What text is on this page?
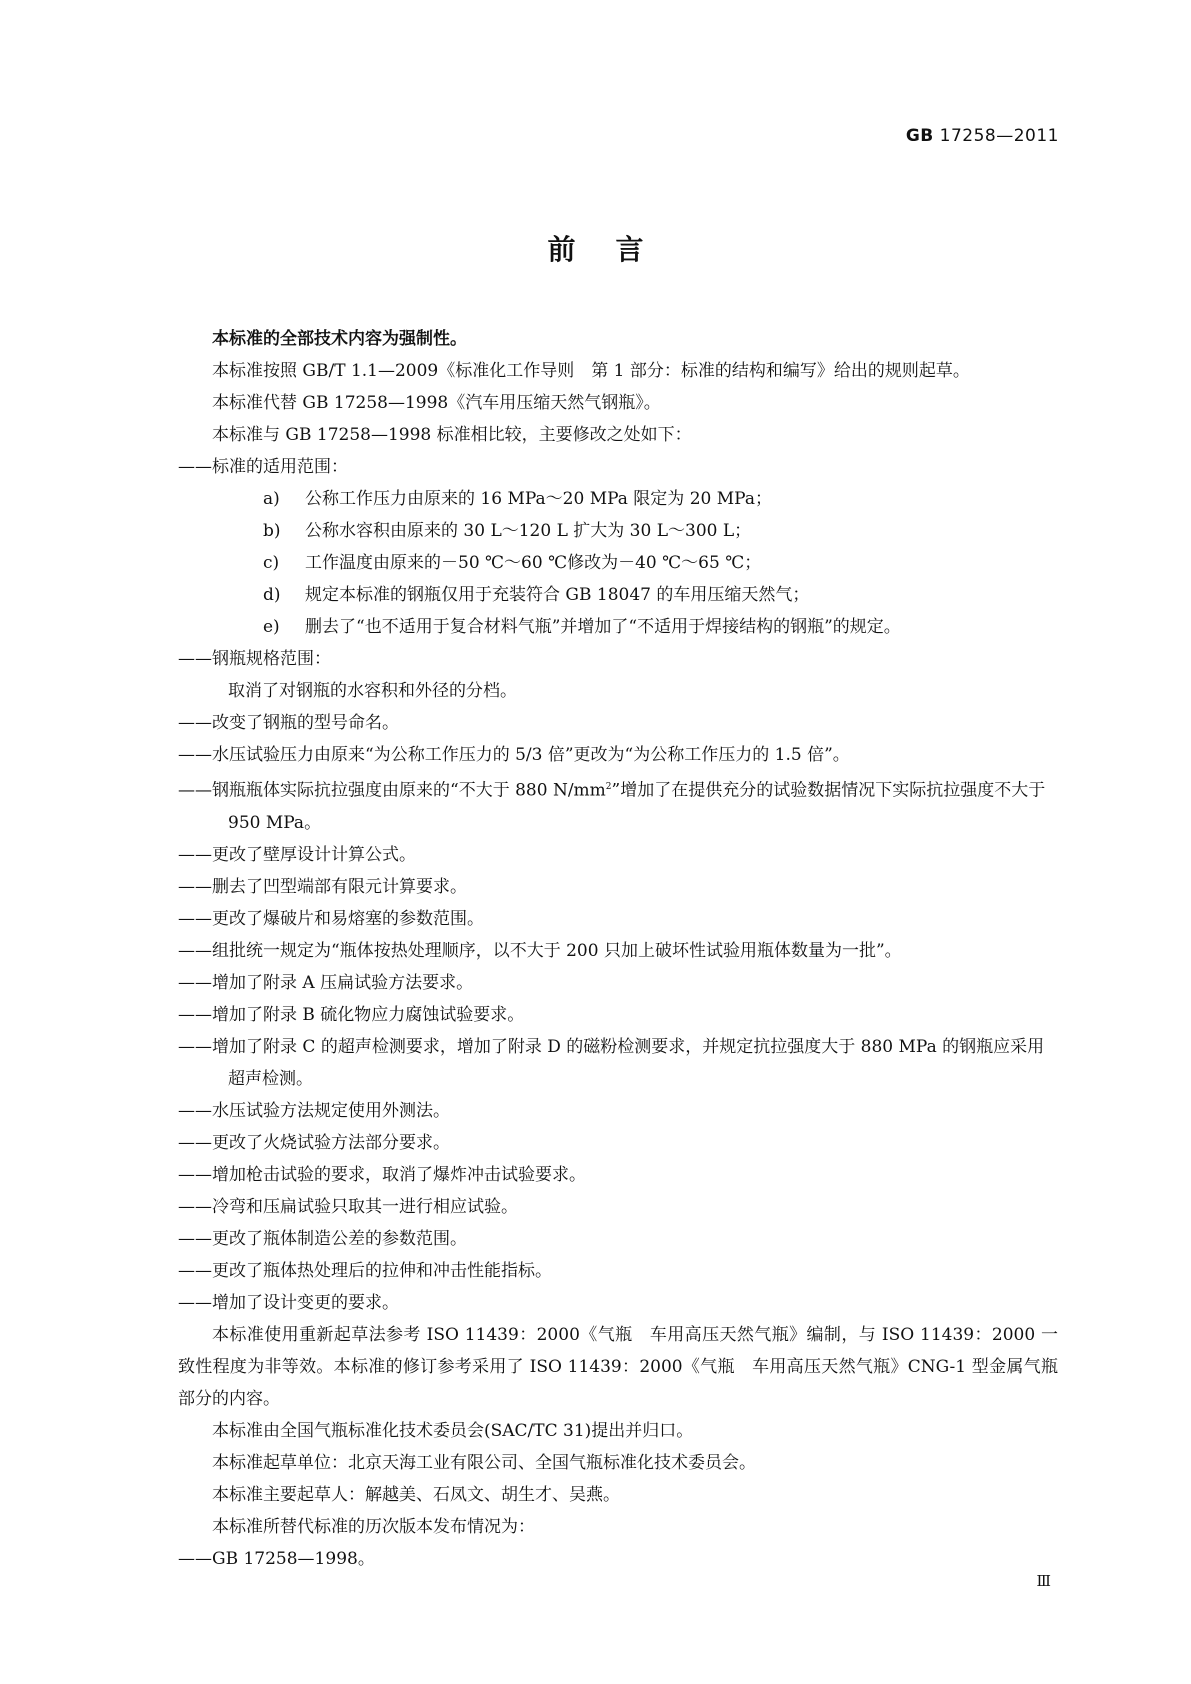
GB 17258—2011
前言
本标准的全部技术内容为强制性。
本标准按照 GB/T 1.1—2009《标准化工作导则　第 1 部分：标准的结构和编写》给出的规则起草。
本标准代替 GB 17258—1998《汽车用压缩天然气钢瓶》。
本标准与 GB 17258—1998 标准相比较，主要修改之处如下：
——标准的适用范围：
a) 公称工作压力由原来的 16 MPa～20 MPa 限定为 20 MPa；
b) 公称水容积由原来的 30 L～120 L 扩大为 30 L～300 L；
c) 工作温度由原来的－50 ℃～60 ℃修改为－40 ℃～65 ℃；
d) 规定本标准的钢瓶仅用于充装符合 GB 18047 的车用压缩天然气；
e) 删去了“也不适用于复合材料气瓶”并增加了“不适用于焊接结构的钢瓶”的规定。
——钢瓶规格范围：
取消了对钢瓶的水容积和外径的分档。
——改变了钢瓶的型号命名。
——水压试验压力由原来“为公称工作压力的 5/3 倍”更改为“为公称工作压力的 1.5 倍”。
——钢瓶瓶体实际抗拉强度由原来的“不大于 880 $N/mm^2$”增加了在提供充分的试验数据情况下实际抗拉强度不大于 950 MPa。
——更改了壁厚设计计算公式。
——删去了凹型端部有限元计算要求。
——更改了爆破片和易熔塞的参数范围。
——组批统一规定为“瓶体按热处理顺序，以不大于 200 只加上破坏性试验用瓶体数量为一批”。
——增加了附录 A 压扁试验方法要求。
——增加了附录 B 硫化物应力腐蚀试验要求。
——增加了附录 C 的超声检测要求，增加了附录 D 的磁粉检测要求，并规定抗拉强度大于 880 MPa 的钢瓶应采用超声检测。
——水压试验方法规定使用外测法。
——更改了火烧试验方法部分要求。
——增加枪击试验的要求，取消了爆炸冲击试验要求。
——冷弯和压扁试验只取其一进行相应试验。
——更改了瓶体制造公差的参数范围。
——更改了瓶体热处理后的拉伸和冲击性能指标。
——增加了设计变更的要求。
本标准使用重新起草法参考 ISO 11439：2000《气瓶　车用高压天然气瓶》编制，与 ISO 11439：2000 一致性程度为非等效。本标准的修订参考采用了 ISO 11439：2000《气瓶　车用高压天然气瓶》CNG-1 型金属气瓶部分的内容。
本标准由全国气瓶标准化技术委员会(SAC/TC 31)提出并归口。
本标准起草单位：北京天海工业有限公司、全国气瓶标准化技术委员会。
本标准主要起草人：解越美、石凤文、胡生才、吴燕。
本标准所替代标准的历次版本发布情况为：
——GB 17258—1998。
Ⅲ
